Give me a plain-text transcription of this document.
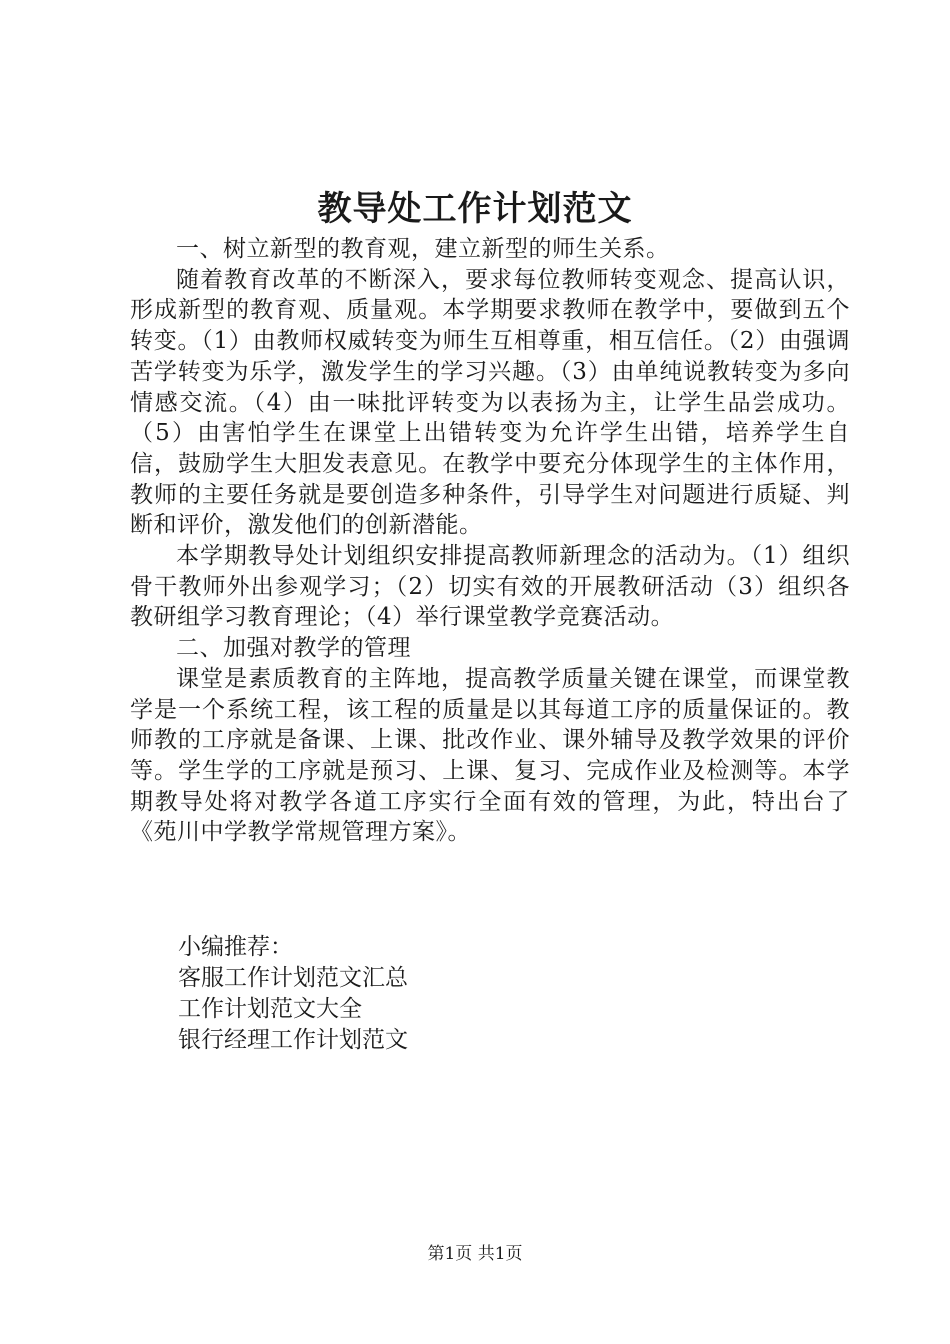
教导处工作计划范文

一、树立新型的教育观，建立新型的师生关系。

随着教育改革的不断深入，要求每位教师转变观念、提高认识，形成新型的教育观、质量观。本学期要求教师在教学中，要做到五个转变。（1）由教师权威转变为师生互相尊重，相互信任。（2）由强调苦学转变为乐学，激发学生的学习兴趣。（3）由单纯说教转变为多向情感交流。（4）由一味批评转变为以表扬为主，让学生品尝成功。（5）由害怕学生在课堂上出错转变为允许学生出错，培养学生自信，鼓励学生大胆发表意见。在教学中要充分体现学生的主体作用，教师的主要任务就是要创造多种条件，引导学生对问题进行质疑、判断和评价，激发他们的创新潜能。

本学期教导处计划组织安排提高教师新理念的活动为。（1）组织骨干教师外出参观学习；（2）切实有效的开展教研活动（3）组织各教研组学习教育理论；（4）举行课堂教学竞赛活动。

二、加强对教学的管理

课堂是素质教育的主阵地，提高教学质量关键在课堂，而课堂教学是一个系统工程，该工程的质量是以其每道工序的质量保证的。教师教的工序就是备课、上课、批改作业、课外辅导及教学效果的评价等。学生学的工序就是预习、上课、复习、完成作业及检测等。本学期教导处将对教学各道工序实行全面有效的管理，为此，特出台了《苑川中学教学常规管理方案》。

小编推荐：
客服工作计划范文汇总
工作计划范文大全
银行经理工作计划范文
第1页 共1页
